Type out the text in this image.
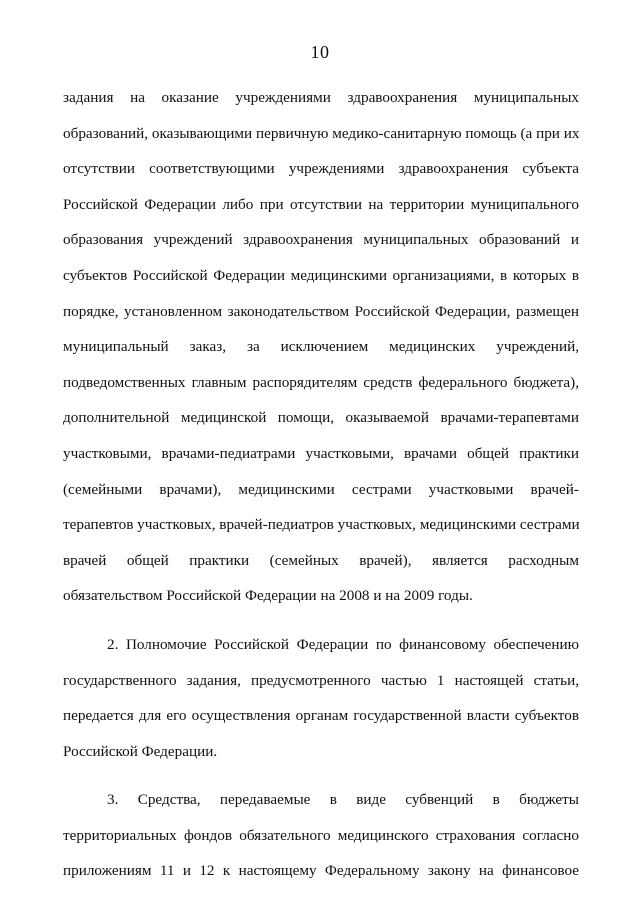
10
задания на оказание учреждениями здравоохранения муниципальных
образований, оказывающими первичную медико-санитарную помощь (а при их
отсутствии соответствующими учреждениями здравоохранения субъекта
Российской Федерации либо при отсутствии на территории муниципального
образования учреждений здравоохранения муниципальных образований и
субъектов Российской Федерации медицинскими организациями, в которых в
порядке, установленном законодательством Российской Федерации, размещен
муниципальный заказ, за исключением медицинских учреждений,
подведомственных главным распорядителям средств федерального бюджета),
дополнительной медицинской помощи, оказываемой врачами-терапевтами
участковыми, врачами-педиатрами участковыми, врачами общей практики
(семейными врачами), медицинскими сестрами участковыми врачей-
терапевтов участковых, врачей-педиатров участковых, медицинскими сестрами
врачей общей практики (семейных врачей), является расходным
обязательством Российской Федерации на 2008 и на 2009 годы.
2. Полномочие Российской Федерации по финансовому обеспечению
государственного задания, предусмотренного частью 1 настоящей статьи,
передается для его осуществления органам государственной власти субъектов
Российской Федерации.
3. Средства, передаваемые в виде субвенций в бюджеты
территориальных фондов обязательного медицинского страхования согласно
приложениям 11 и 12 к настоящему Федеральному закону на финансовое
